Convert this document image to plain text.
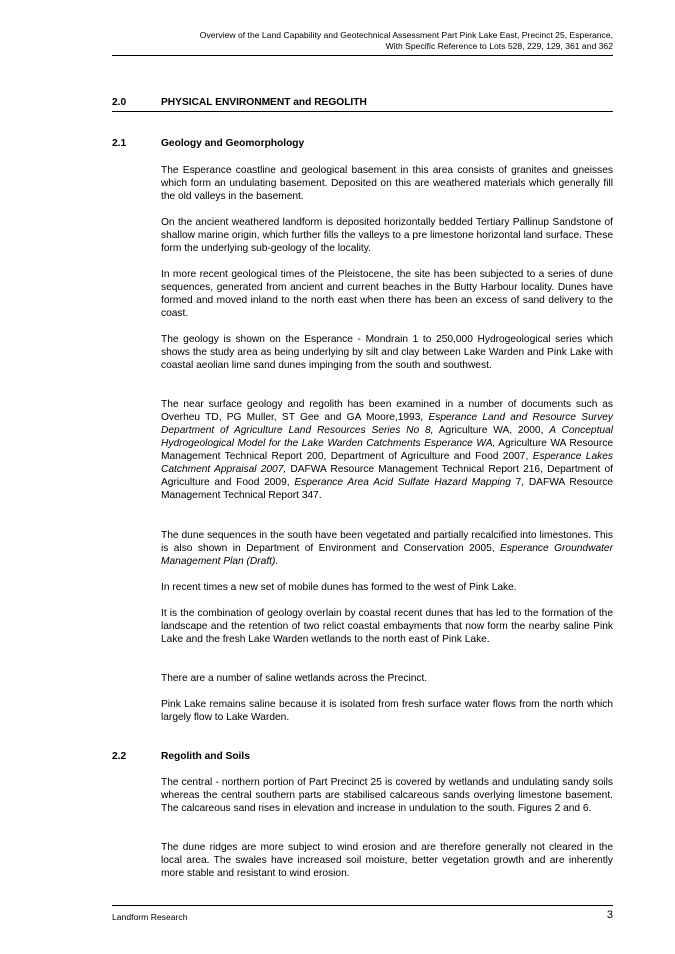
Overview of the Land Capability and Geotechnical Assessment Part Pink Lake East, Precinct 25, Esperance,
With Specific Reference to Lots 528, 229, 129, 361 and 362
2.0	PHYSICAL ENVIRONMENT and REGOLITH
2.1	Geology and Geomorphology

The Esperance coastline and geological basement in this area consists of granites and gneisses which form an undulating basement. Deposited on this are weathered materials which generally fill the old valleys in the basement.

On the ancient weathered landform is deposited horizontally bedded Tertiary Pallinup Sandstone of shallow marine origin, which further fills the valleys to a pre limestone horizontal land surface. These form the underlying sub-geology of the locality.

In more recent geological times of the Pleistocene, the site has been subjected to a series of dune sequences, generated from ancient and current beaches in the Butty Harbour locality. Dunes have formed and moved inland to the north east when there has been an excess of sand delivery to the coast.

The geology is shown on the Esperance - Mondrain 1 to 250,000 Hydrogeological series which shows the study area as being underlying by silt and clay between Lake Warden and Pink Lake with coastal aeolian lime sand dunes impinging from the south and southwest.

The near surface geology and regolith has been examined in a number of documents such as Overheu TD, PG Muller, ST Gee and GA Moore,1993, Esperance Land and Resource Survey Department of Agriculture Land Resources Series No 8, Agriculture WA, 2000, A Conceptual Hydrogeological Model for the Lake Warden Catchments Esperance WA, Agriculture WA Resource Management Technical Report 200, Department of Agriculture and Food 2007, Esperance Lakes Catchment Appraisal 2007, DAFWA Resource Management Technical Report 216, Department of Agriculture and Food 2009, Esperance Area Acid Sulfate Hazard Mapping 7, DAFWA Resource Management Technical Report 347.

The dune sequences in the south have been vegetated and partially recalcified into limestones. This is also shown in Department of Environment and Conservation 2005, Esperance Groundwater Management Plan (Draft).

In recent times a new set of mobile dunes has formed to the west of Pink Lake.

It is the combination of geology overlain by coastal recent dunes that has led to the formation of the landscape and the retention of two relict coastal embayments that now form the nearby saline Pink Lake and the fresh Lake Warden wetlands to the north east of Pink Lake.

There are a number of saline wetlands across the Precinct.

Pink Lake remains saline because it is isolated from fresh surface water flows from the north which largely flow to Lake Warden.

2.2	Regolith and Soils

The central - northern portion of Part Precinct 25 is covered by wetlands and undulating sandy soils whereas the central southern parts are stabilised calcareous sands overlying limestone basement. The calcareous sand rises in elevation and increase in undulation to the south. Figures 2 and 6.

The dune ridges are more subject to wind erosion and are therefore generally not cleared in the local area. The swales have increased soil moisture, better vegetation growth and are inherently more stable and resistant to wind erosion.

Landform Research	3
